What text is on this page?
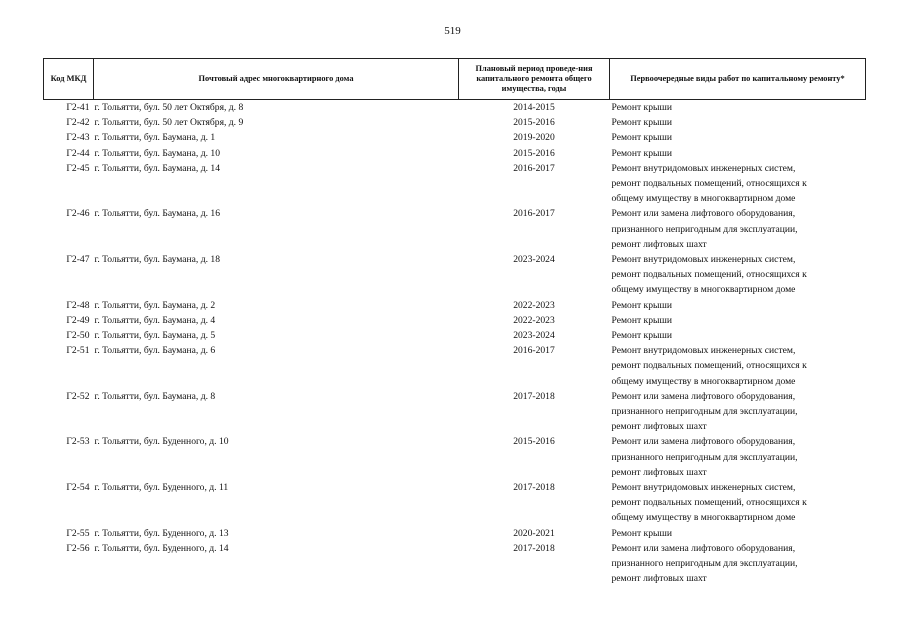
519
Код МКД	Почтовый адрес многоквартирного дома	Плановый период проведе-ния капитального ремонта общего имущества, годы	Первоочередные виды работ по капитальному ремонту*
Г2-41	г. Тольятти, бул. 50 лет Октября, д. 8	2014-2015	Ремонт крыши

Г2-42	г. Тольятти, бул. 50 лет Октября, д. 9	2015-2016	Ремонт крыши

Г2-43	г. Тольятти, бул. Баумана, д. 1	2019-2020	Ремонт крыши

Г2-44	г. Тольятти, бул. Баумана, д. 10	2015-2016	Ремонт крыши

Г2-45	г. Тольятти, бул. Баумана, д. 14	2016-2017	Ремонт внутридомовых инженерных систем,
ремонт подвальных помещений, относящихся к
общему имуществу в многоквартирном доме

Г2-46	г. Тольятти, бул. Баумана, д. 16	2016-2017	Ремонт или замена лифтового оборудования,
признанного непригодным для эксплуатации,
ремонт лифтовых шахт

Г2-47	г. Тольятти, бул. Баумана, д. 18	2023-2024	Ремонт внутридомовых инженерных систем,
ремонт подвальных помещений, относящихся к
общему имуществу в многоквартирном доме

Г2-48	г. Тольятти, бул. Баумана, д. 2	2022-2023	Ремонт крыши

Г2-49	г. Тольятти, бул. Баумана, д. 4	2022-2023	Ремонт крыши

Г2-50	г. Тольятти, бул. Баумана, д. 5	2023-2024	Ремонт крыши

Г2-51	г. Тольятти, бул. Баумана, д. 6	2016-2017	Ремонт внутридомовых инженерных систем,
ремонт подвальных помещений, относящихся к
общему имуществу в многоквартирном доме

Г2-52	г. Тольятти, бул. Баумана, д. 8	2017-2018	Ремонт или замена лифтового оборудования,
признанного непригодным для эксплуатации,
ремонт лифтовых шахт

Г2-53	г. Тольятти, бул. Буденного, д. 10	2015-2016	Ремонт или замена лифтового оборудования,
признанного непригодным для эксплуатации,
ремонт лифтовых шахт

Г2-54	г. Тольятти, бул. Буденного, д. 11	2017-2018	Ремонт внутридомовых инженерных систем,
ремонт подвальных помещений, относящихся к
общему имуществу в многоквартирном доме

Г2-55	г. Тольятти, бул. Буденного, д. 13	2020-2021	Ремонт крыши

Г2-56	г. Тольятти, бул. Буденного, д. 14	2017-2018	Ремонт или замена лифтового оборудования,
признанного непригодным для эксплуатации,
ремонт лифтовых шахт
